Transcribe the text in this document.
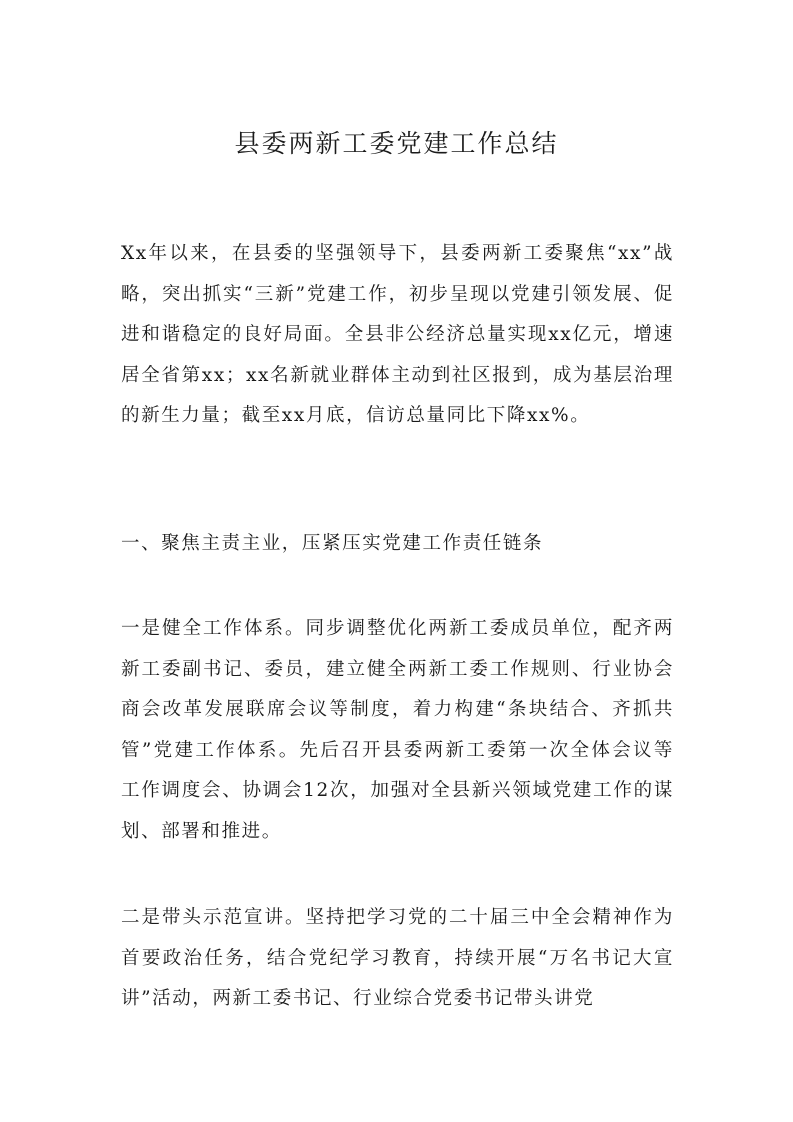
县委两新工委党建工作总结

Xx年以来，在县委的坚强领导下，县委两新工委聚焦“xx”战略，突出抓实“三新”党建工作，初步呈现以党建引领发展、促进和谐稳定的良好局面。全县非公经济总量实现xx亿元，增速居全省第xx；xx名新就业群体主动到社区报到，成为基层治理的新生力量；截至xx月底，信访总量同比下降xx%。

一、聚焦主责主业，压紧压实党建工作责任链条

一是健全工作体系。同步调整优化两新工委成员单位，配齐两新工委副书记、委员，建立健全两新工委工作规则、行业协会商会改革发展联席会议等制度，着力构建“条块结合、齐抓共管”党建工作体系。先后召开县委两新工委第一次全体会议等工作调度会、协调会12次，加强对全县新兴领域党建工作的谋划、部署和推进。

二是带头示范宣讲。坚持把学习党的二十届三中全会精神作为首要政治任务，结合党纪学习教育，持续开展“万名书记大宣讲”活动，两新工委书记、行业综合党委书记带头讲党
